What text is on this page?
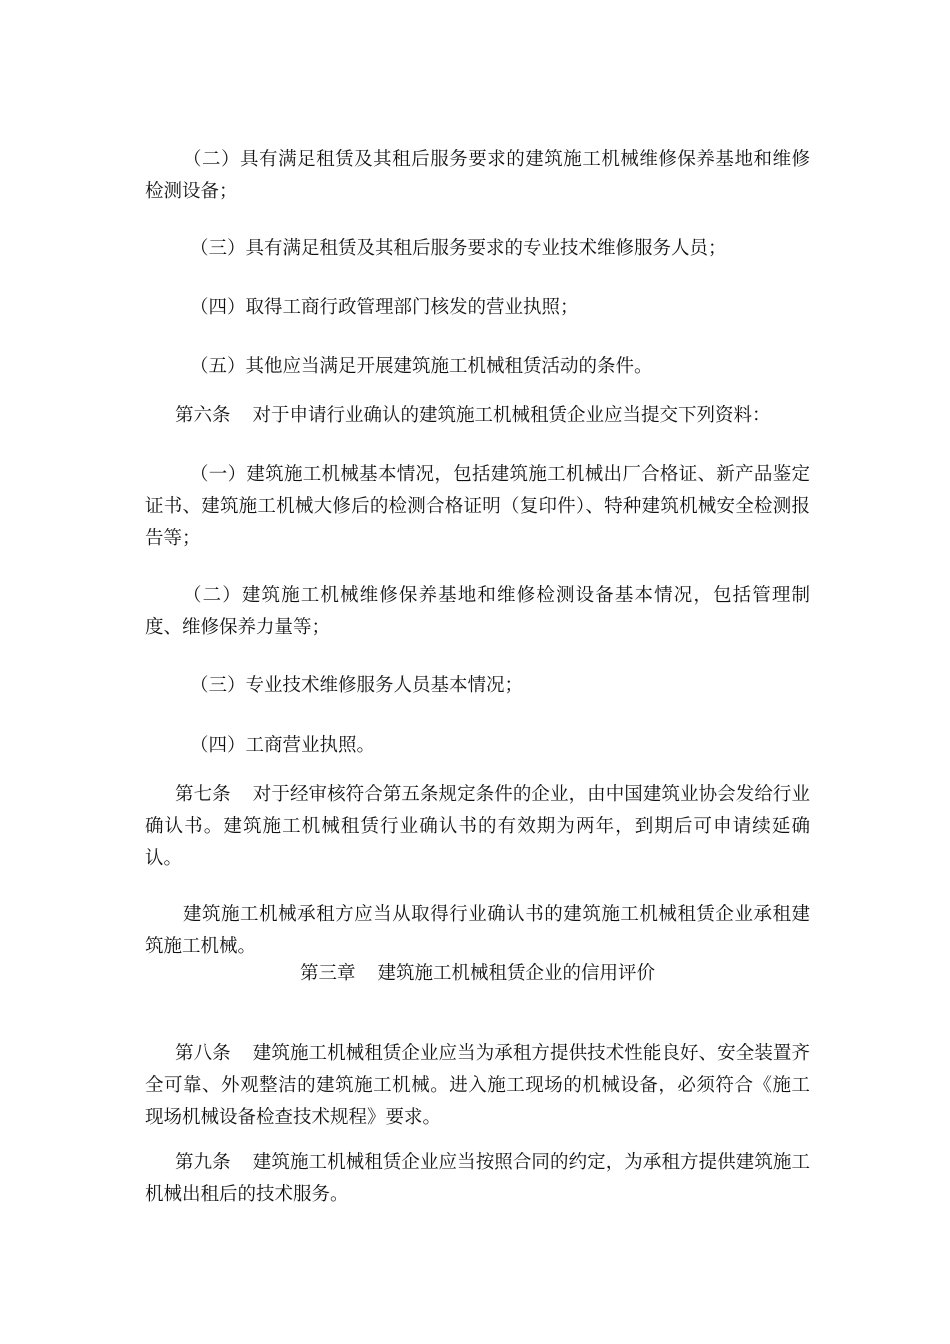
（二）具有满足租赁及其租后服务要求的建筑施工机械维修保养基地和维修检测设备；

（三）具有满足租赁及其租后服务要求的专业技术维修服务人员；

（四）取得工商行政管理部门核发的营业执照；

（五）其他应当满足开展建筑施工机械租赁活动的条件。

第六条 对于申请行业确认的建筑施工机械租赁企业应当提交下列资料：

（一）建筑施工机械基本情况，包括建筑施工机械出厂合格证、新产品鉴定证书、建筑施工机械大修后的检测合格证明（复印件）、特种建筑机械安全检测报告等；

（二）建筑施工机械维修保养基地和维修检测设备基本情况，包括管理制度、维修保养力量等；

（三）专业技术维修服务人员基本情况；

（四）工商营业执照。

第七条 对于经审核符合第五条规定条件的企业，由中国建筑业协会发给行业确认书。建筑施工机械租赁行业确认书的有效期为两年，到期后可申请续延确认。

建筑施工机械承租方应当从取得行业确认书的建筑施工机械租赁企业承租建筑施工机械。

第三章 建筑施工机械租赁企业的信用评价

第八条 建筑施工机械租赁企业应当为承租方提供技术性能良好、安全装置齐全可靠、外观整洁的建筑施工机械。进入施工现场的机械设备，必须符合《施工现场机械设备检查技术规程》要求。

第九条 建筑施工机械租赁企业应当按照合同的约定，为承租方提供建筑施工机械出租后的技术服务。
